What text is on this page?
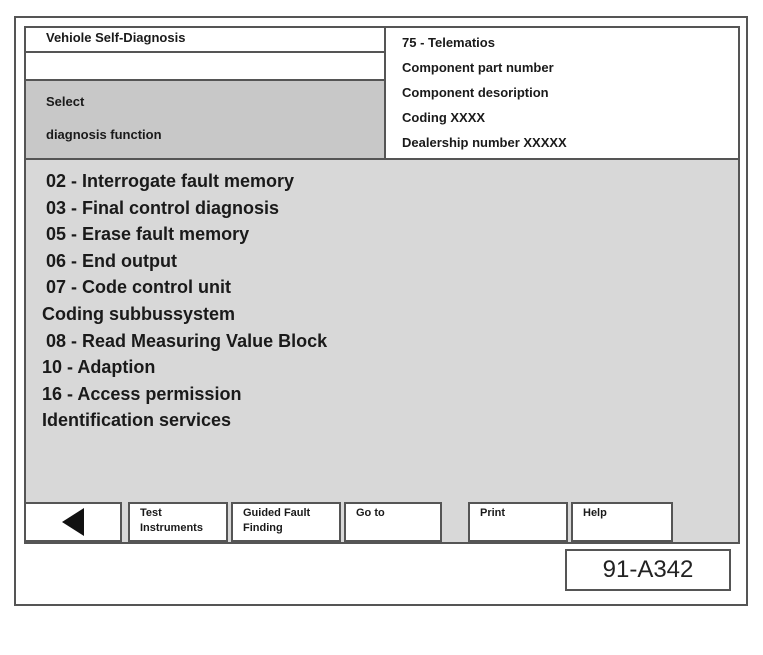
Vehiole Self-Diagnosis
Select
diagnosis function
75 - Telematios
Component part number
Component desoription
Coding XXXX
Dealership number XXXXX
02 - Interrogate fault memory
03 - Final control diagnosis
05 - Erase fault memory
06 - End output
07 - Code control unit
Coding subbussystem
08 - Read Measuring Value Block
10 - Adaption
16 - Access permission
Identification services
Test
Instruments
Guided Fault
Finding
Go to	Print	Help
91-A342
